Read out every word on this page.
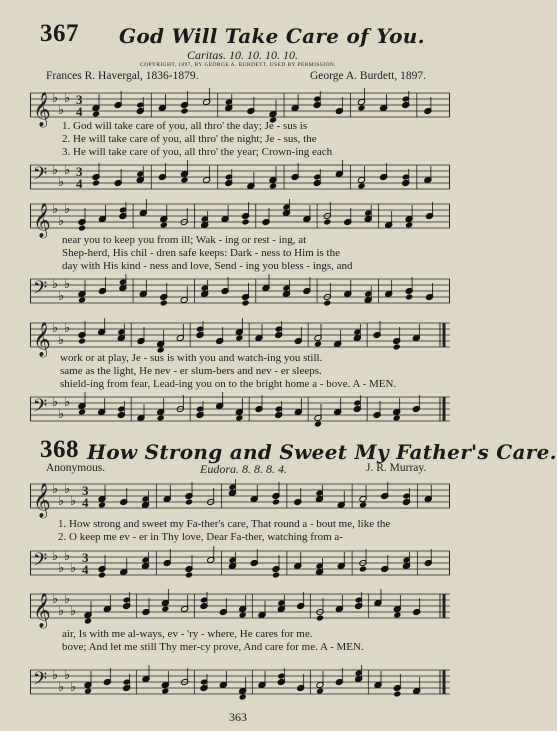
367 God Will Take Care of You.
Caritas. 10. 10. 10. 10.
COPYRIGHT, 1897, BY GEORGE A. BURDETT. USED BY PERMISSION.
Frances R. Havergal, 1836-1879.	George A. Burdett, 1897.
𝄞 ♭
♭
♭ 3
4
1. God will take care of you, all thro' the day; Je - sus is
2. He will take care of you, all thro' the night; Je - sus, the
3. He will take care of you, all thro' the year; Crown-ing each
𝄢 ♭
♭
♭ 3
4
𝄞 ♭
♭
♭
near you to keep you from ill; Wak - ing or rest - ing, at
Shep-herd, His chil - dren safe keeps: Dark - ness to Him is the
day with His kind - ness and love, Send - ing you bless - ings, and
𝄢 ♭
♭
♭
𝄞 ♭
♭
♭
work or at play, Je - sus is with you and watch-ing you still.
same as the light, He nev - er slum-bers and nev - er sleeps.
shield-ing from fear, Lead-ing you on to the bright home a - bove. A - MEN.
𝄢 ♭
♭
♭
368 How Strong and Sweet My Father's Care.
Anonymous.	Eudora. 8. 8. 8. 4.	J. R. Murray.
𝄞 ♭
♭
♭
♭
3
4
1. How strong and sweet my Fa-ther's care, That round a - bout me, like the
2. O keep me ev - er in Thy love, Dear Fa-ther, watching from a-
𝄢 ♭
♭
♭
♭
3
4
𝄞 ♭
♭
♭
♭
air, Is with me al-ways, ev - 'ry - where, He cares for me.
bove; And let me still Thy mer-cy prove, And care for me. A - MEN.
𝄢 ♭
♭
♭
♭
363
